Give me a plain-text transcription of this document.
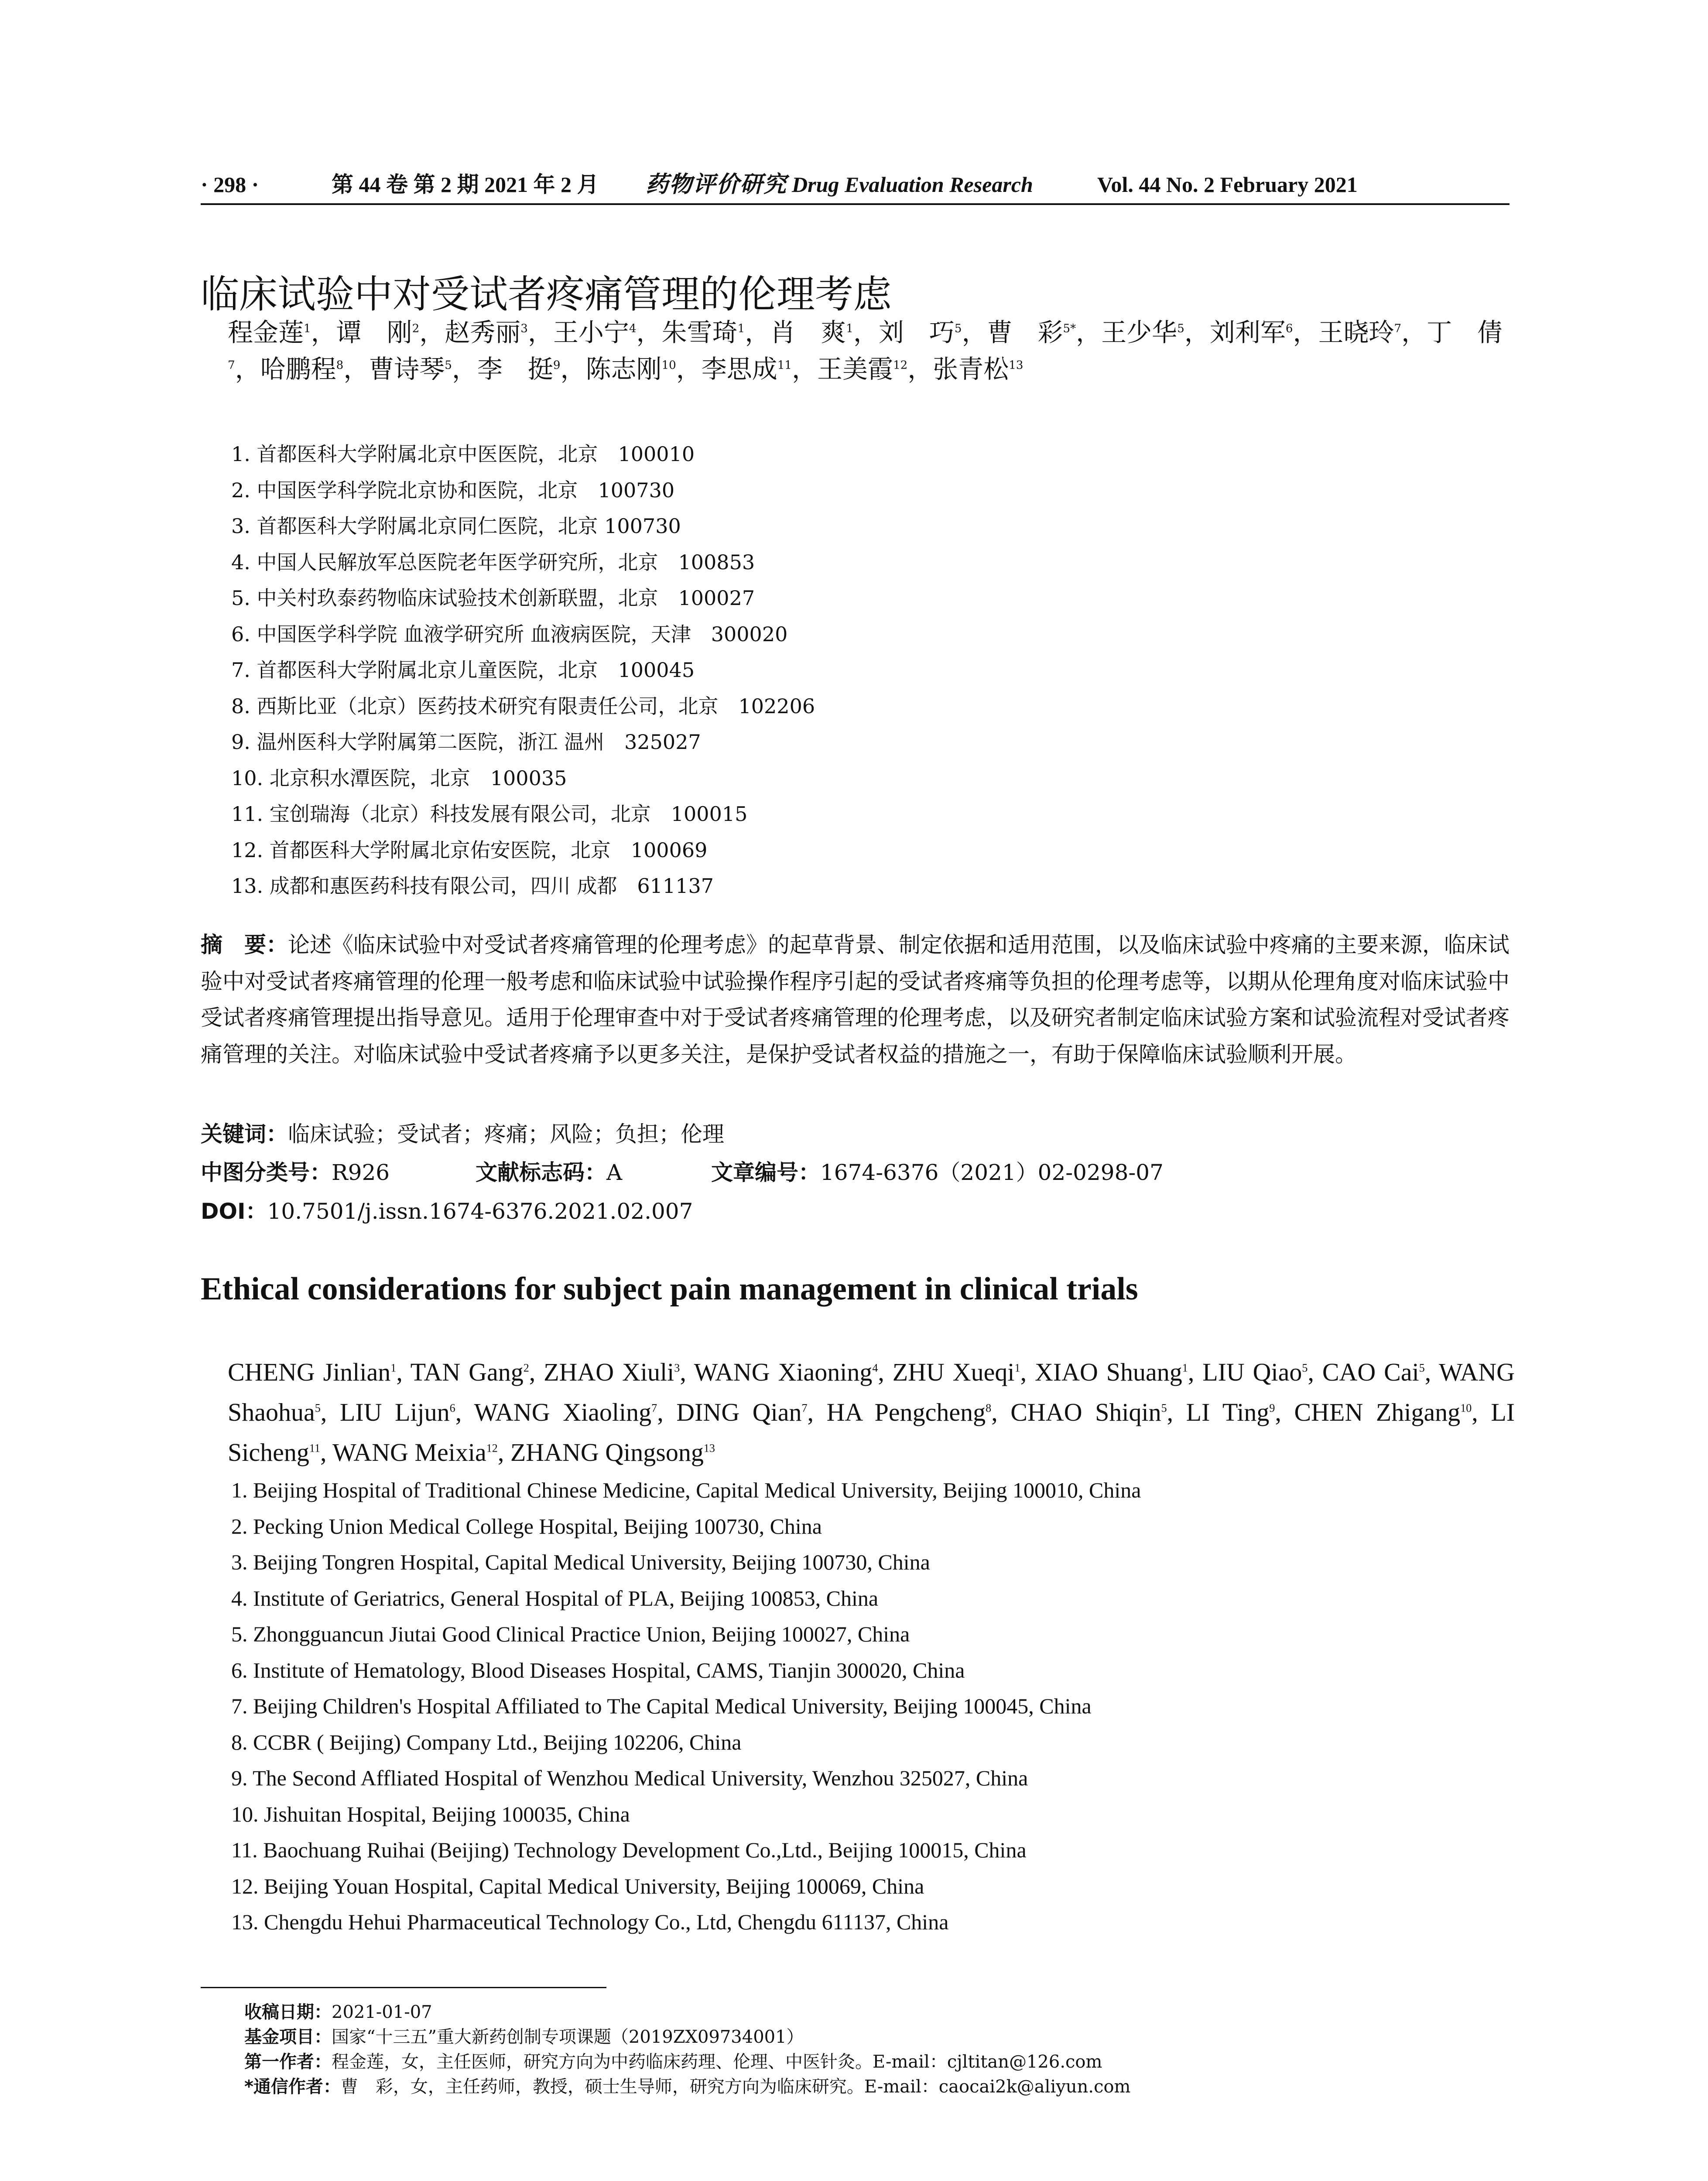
· 298 ·	第 44 卷 第 2 期 2021 年 2 月 药物评价研究 Drug Evaluation Research	Vol. 44 No. 2 February 2021
临床试验中对受试者疼痛管理的伦理考虑
程金莲$^1$，谭　刚$^2$，赵秀丽$^3$，王小宁$^4$，朱雪琦$^1$，肖　爽$^1$，刘　巧$^5$，曹　彩$^{5*}$，王少华$^5$，刘利军$^6$，王晓玲$^7$，丁　倩$^7$，哈鹏程$^8$，曹诗琴$^5$，李　挺$^9$，陈志刚$^{10}$，李思成$^{11}$，王美霞$^{12}$，张青松$^{13}$
1. 首都医科大学附属北京中医医院，北京　100010
2. 中国医学科学院北京协和医院，北京　100730
3. 首都医科大学附属北京同仁医院，北京 100730
4. 中国人民解放军总医院老年医学研究所，北京　100853
5. 中关村玖泰药物临床试验技术创新联盟，北京　100027
6. 中国医学科学院 血液学研究所 血液病医院，天津　300020
7. 首都医科大学附属北京儿童医院，北京　100045
8. 西斯比亚（北京）医药技术研究有限责任公司，北京　102206
9. 温州医科大学附属第二医院，浙江 温州　325027
10. 北京积水潭医院，北京　100035
11. 宝创瑞海（北京）科技发展有限公司，北京　100015
12. 首都医科大学附属北京佑安医院，北京　100069
13. 成都和惠医药科技有限公司，四川 成都　611137
摘　要：论述《临床试验中对受试者疼痛管理的伦理考虑》的起草背景、制定依据和适用范围，以及临床试验中疼痛的主要来源，临床试验中对受试者疼痛管理的伦理一般考虑和临床试验中试验操作程序引起的受试者疼痛等负担的伦理考虑等，以期从伦理角度对临床试验中受试者疼痛管理提出指导意见。适用于伦理审查中对于受试者疼痛管理的伦理考虑，以及研究者制定临床试验方案和试验流程对受试者疼痛管理的关注。对临床试验中受试者疼痛予以更多关注，是保护受试者权益的措施之一，有助于保障临床试验顺利开展。
关键词：临床试验；受试者；疼痛；风险；负担；伦理
中图分类号：R926	文献标志码：A	文章编号：1674-6376（2021）02-0298-07
DOI：10.7501/j.issn.1674-6376.2021.02.007
Ethical considerations for subject pain management in clinical trials
CHENG Jinlian$^1$, TAN Gang$^2$, ZHAO Xiuli$^3$, WANG Xiaoning$^4$, ZHU Xueqi$^1$, XIAO Shuang$^1$, LIU Qiao$^5$, CAO Cai$^5$, WANG Shaohua$^5$, LIU Lijun$^6$, WANG Xiaoling$^7$, DING Qian$^7$, HA Pengcheng$^8$, CHAO Shiqin$^5$, LI Ting$^9$, CHEN Zhigang$^{10}$, LI Sicheng$^{11}$, WANG Meixia$^{12}$, ZHANG Qingsong$^{13}$
1. Beijing Hospital of Traditional Chinese Medicine, Capital Medical University, Beijing 100010, China
2. Pecking Union Medical College Hospital, Beijing 100730, China
3. Beijing Tongren Hospital, Capital Medical University, Beijing 100730, China
4. Institute of Geriatrics, General Hospital of PLA, Beijing 100853, China
5. Zhongguancun Jiutai Good Clinical Practice Union, Beijing 100027, China
6. Institute of Hematology, Blood Diseases Hospital, CAMS, Tianjin 300020, China
7. Beijing Children's Hospital Affiliated to The Capital Medical University, Beijing 100045, China
8. CCBR ( Beijing) Company Ltd., Beijing 102206, China
9. The Second Affliated Hospital of Wenzhou Medical University, Wenzhou 325027, China
10. Jishuitan Hospital, Beijing 100035, China
11. Baochuang Ruihai (Beijing) Technology Development Co.,Ltd., Beijing 100015, China
12. Beijing Youan Hospital, Capital Medical University, Beijing 100069, China
13. Chengdu Hehui Pharmaceutical Technology Co., Ltd, Chengdu 611137, China
收稿日期：2021-01-07
基金项目：国家“十三五”重大新药创制专项课题（2019ZX09734001）
第一作者：程金莲，女，主任医师，研究方向为中药临床药理、伦理、中医针灸。E-mail：cjltitan@126.com
*通信作者：曹　彩，女，主任药师，教授，硕士生导师，研究方向为临床研究。E-mail：caocai2k@aliyun.com
